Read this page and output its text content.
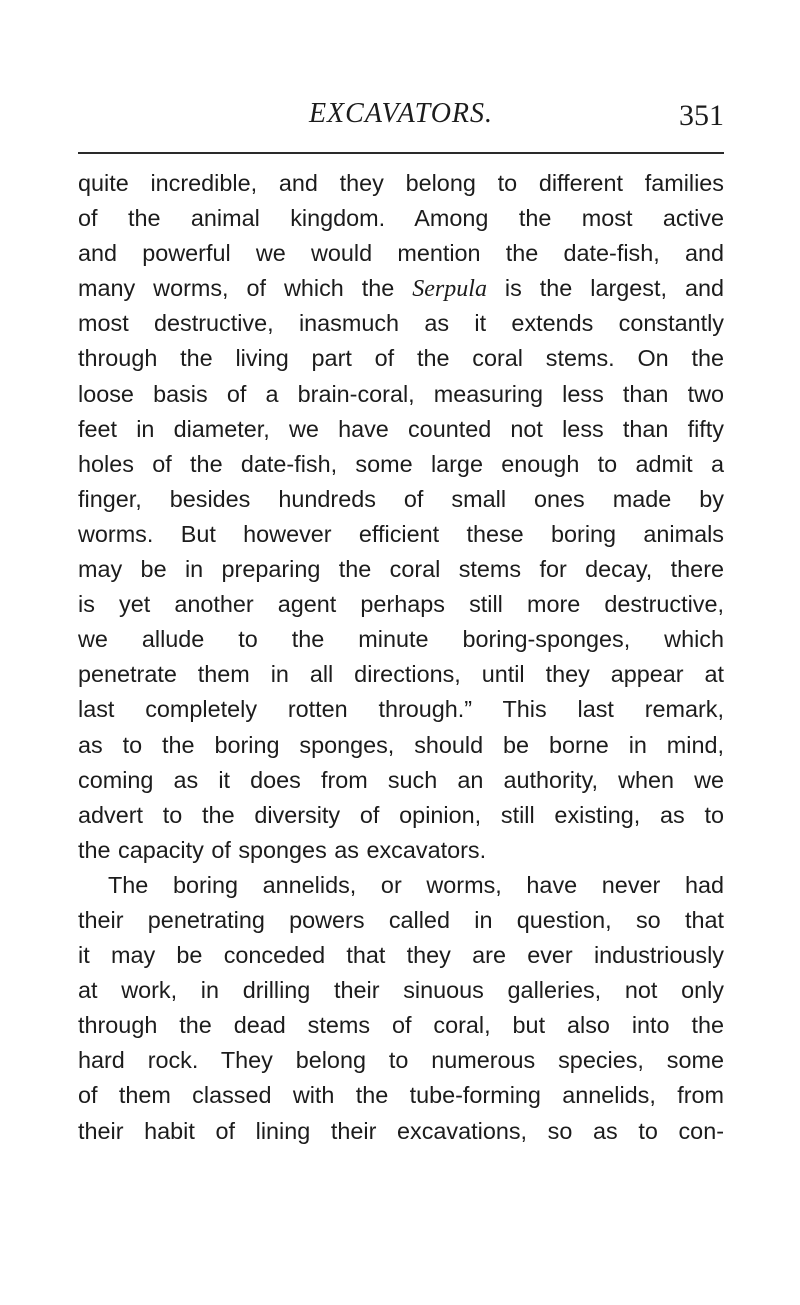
EXCAVATORS.	351
quite incredible, and they belong to different families
of the animal kingdom. Among the most active
and powerful we would mention the date-fish, and
many worms, of which the Serpula is the largest, and
most destructive, inasmuch as it extends constantly
through the living part of the coral stems. On the
loose basis of a brain-coral, measuring less than two
feet in diameter, we have counted not less than fifty
holes of the date-fish, some large enough to admit a
finger, besides hundreds of small ones made by
worms. But however efficient these boring animals
may be in preparing the coral stems for decay, there
is yet another agent perhaps still more destructive,
we allude to the minute boring-sponges, which
penetrate them in all directions, until they appear at
last completely rotten through.” This last remark,
as to the boring sponges, should be borne in mind,
coming as it does from such an authority, when we
advert to the diversity of opinion, still existing, as to
the capacity of sponges as excavators.
The boring annelids, or worms, have never had
their penetrating powers called in question, so that
it may be conceded that they are ever industriously
at work, in drilling their sinuous galleries, not only
through the dead stems of coral, but also into the
hard rock. They belong to numerous species, some
of them classed with the tube-forming annelids, from
their habit of lining their excavations, so as to con-
